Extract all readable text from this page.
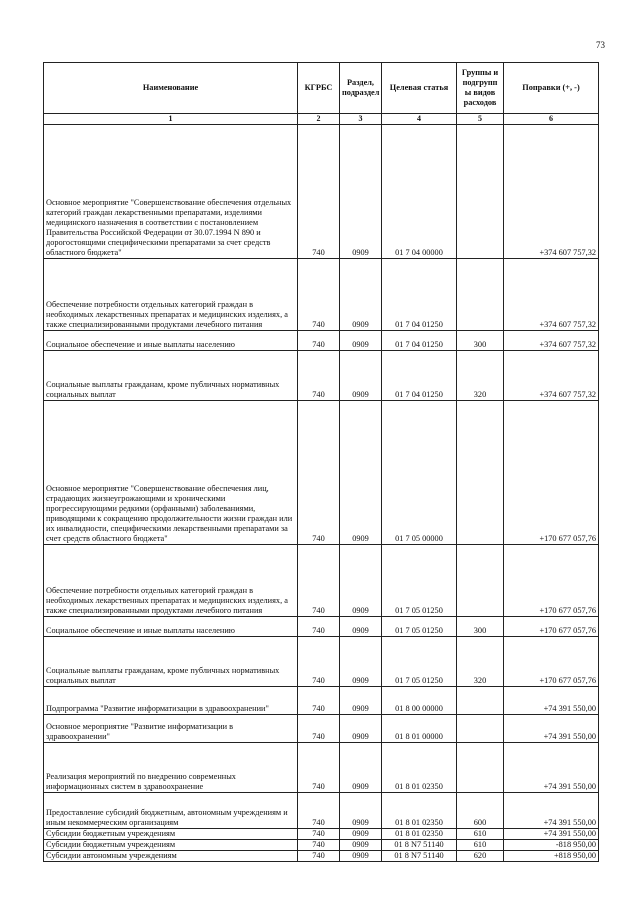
73
Наименование	КГРБС	Раздел, подраздел	Целевая статья	Группы и подгрупп ы видов расходов	Поправки (+, -)
1	2	3	4	5	6
Основное мероприятие "Совершенствование обеспечения отдельных категорий граждан лекарственными препаратами, изделиями медицинского назначения в соответствии с постановлением Правительства Российской Федерации от 30.07.1994 N 890 и дорогостоящими специфическими препаратами за счет средств областного бюджета"	740	0909	01 7 04 00000		+374 607 757,32
Обеспечение потребности отдельных категорий граждан в необходимых лекарственных препаратах и медицинских изделиях, а также специализированными продуктами лечебного питания	740	0909	01 7 04 01250		+374 607 757,32
Социальное обеспечение и иные выплаты населению	740	0909	01 7 04 01250	300	+374 607 757,32
Социальные выплаты гражданам, кроме публичных нормативных социальных выплат	740	0909	01 7 04 01250	320	+374 607 757,32
Основное мероприятие "Совершенствование обеспечения лиц, страдающих жизнеугрожающими и хроническими прогрессирующими редкими (орфанными) заболеваниями, приводящими к сокращению продолжительности жизни граждан или их инвалидности, специфическими лекарственными препаратами за счет средств областного бюджета"	740	0909	01 7 05 00000		+170 677 057,76
Обеспечение потребности отдельных категорий граждан в необходимых лекарственных препаратах и медицинских изделиях, а также специализированными продуктами лечебного питания	740	0909	01 7 05 01250		+170 677 057,76
Социальное обеспечение и иные выплаты населению	740	0909	01 7 05 01250	300	+170 677 057,76
Социальные выплаты гражданам, кроме публичных нормативных социальных выплат	740	0909	01 7 05 01250	320	+170 677 057,76
Подпрограмма "Развитие информатизации в здравоохранении"	740	0909	01 8 00 00000		+74 391 550,00
Основное мероприятие "Развитие информатизации в здравоохранении"	740	0909	01 8 01 00000		+74 391 550,00
Реализация мероприятий по внедрению современных информационных систем в здравоохранение	740	0909	01 8 01 02350		+74 391 550,00
Предоставление субсидий бюджетным, автономным учреждениям и иным некоммерческим организациям	740	0909	01 8 01 02350	600	+74 391 550,00
Субсидии бюджетным учреждениям	740	0909	01 8 01 02350	610	+74 391 550,00
Субсидии бюджетным учреждениям	740	0909	01 8 N7 51140	610	-818 950,00
Субсидии автономным учреждениям	740	0909	01 8 N7 51140	620	+818 950,00
